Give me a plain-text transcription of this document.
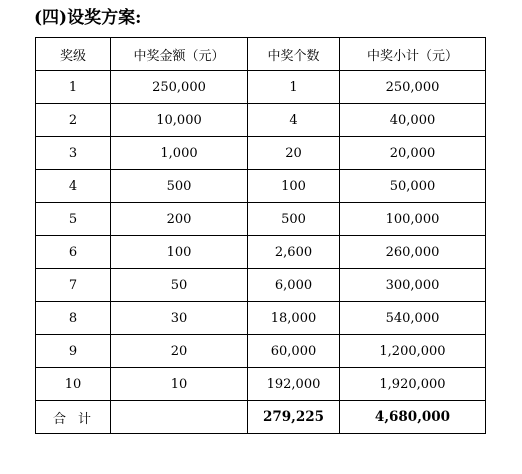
(四)设奖方案:
奖级	中奖金额（元）	中奖个数	中奖小计（元）
1	250,000	1	250,000
2	10,000	4	40,000
3	1,000	20	20,000
4	500	100	50,000
5	200	500	100,000
6	100	2,600	260,000
7	50	6,000	300,000
8	30	18,000	540,000
9	20	60,000	1,200,000
10	10	192,000	1,920,000
合计		279,225	4,680,000
